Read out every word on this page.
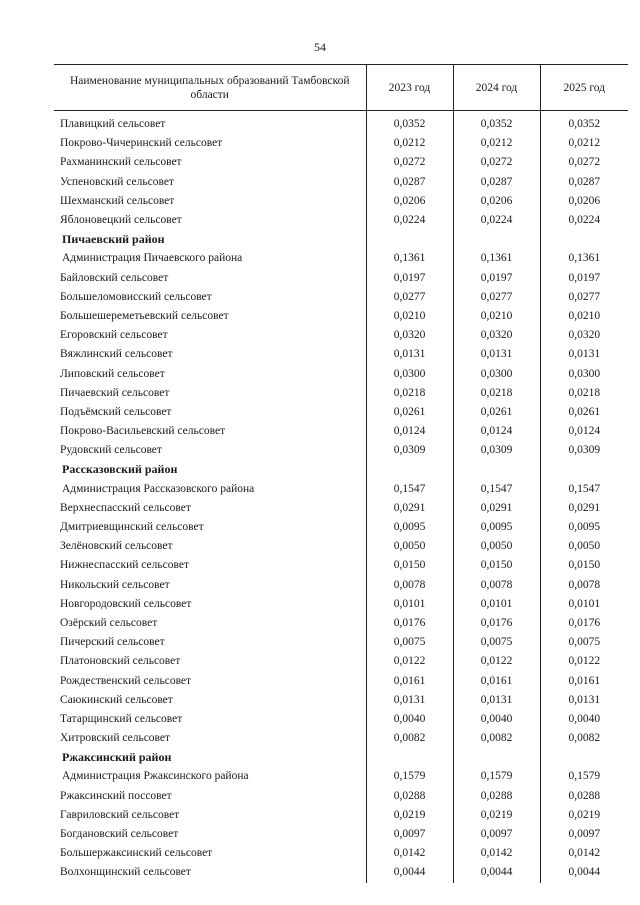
54
Наименование муниципальных образований Тамбовской области	2023 год	2024 год	2025 год
Плавицкий сельсовет	0,0352	0,0352	0,0352
Покрово-Чичеринский сельсовет	0,0212	0,0212	0,0212
Рахманинский сельсовет	0,0272	0,0272	0,0272
Успеновский сельсовет	0,0287	0,0287	0,0287
Шехманский сельсовет	0,0206	0,0206	0,0206
Яблоновецкий сельсовет	0,0224	0,0224	0,0224
Пичаевский район			
Администрация Пичаевского района	0,1361	0,1361	0,1361
Байловский сельсовет	0,0197	0,0197	0,0197
Большеломовисский сельсовет	0,0277	0,0277	0,0277
Большешереметьевский сельсовет	0,0210	0,0210	0,0210
Егоровский сельсовет	0,0320	0,0320	0,0320
Вяжлинский сельсовет	0,0131	0,0131	0,0131
Липовский сельсовет	0,0300	0,0300	0,0300
Пичаевский сельсовет	0,0218	0,0218	0,0218
Подъёмский сельсовет	0,0261	0,0261	0,0261
Покрово-Васильевский сельсовет	0,0124	0,0124	0,0124
Рудовский сельсовет	0,0309	0,0309	0,0309
Рассказовский район			
Администрация Рассказовского района	0,1547	0,1547	0,1547
Верхнеспасский сельсовет	0,0291	0,0291	0,0291
Дмитриевщинский сельсовет	0,0095	0,0095	0,0095
Зелёновский сельсовет	0,0050	0,0050	0,0050
Нижнеспасский сельсовет	0,0150	0,0150	0,0150
Никольский сельсовет	0,0078	0,0078	0,0078
Новгородовский сельсовет	0,0101	0,0101	0,0101
Озёрский сельсовет	0,0176	0,0176	0,0176
Пичерский сельсовет	0,0075	0,0075	0,0075
Платоновский сельсовет	0,0122	0,0122	0,0122
Рождественский сельсовет	0,0161	0,0161	0,0161
Саюкинский сельсовет	0,0131	0,0131	0,0131
Татарщинский сельсовет	0,0040	0,0040	0,0040
Хитровский сельсовет	0,0082	0,0082	0,0082
Ржаксинский район			
Администрация Ржаксинского района	0,1579	0,1579	0,1579
Ржаксинский поссовет	0,0288	0,0288	0,0288
Гавриловский сельсовет	0,0219	0,0219	0,0219
Богдановский сельсовет	0,0097	0,0097	0,0097
Большержаксинский сельсовет	0,0142	0,0142	0,0142
Волхонщинский сельсовет	0,0044	0,0044	0,0044
